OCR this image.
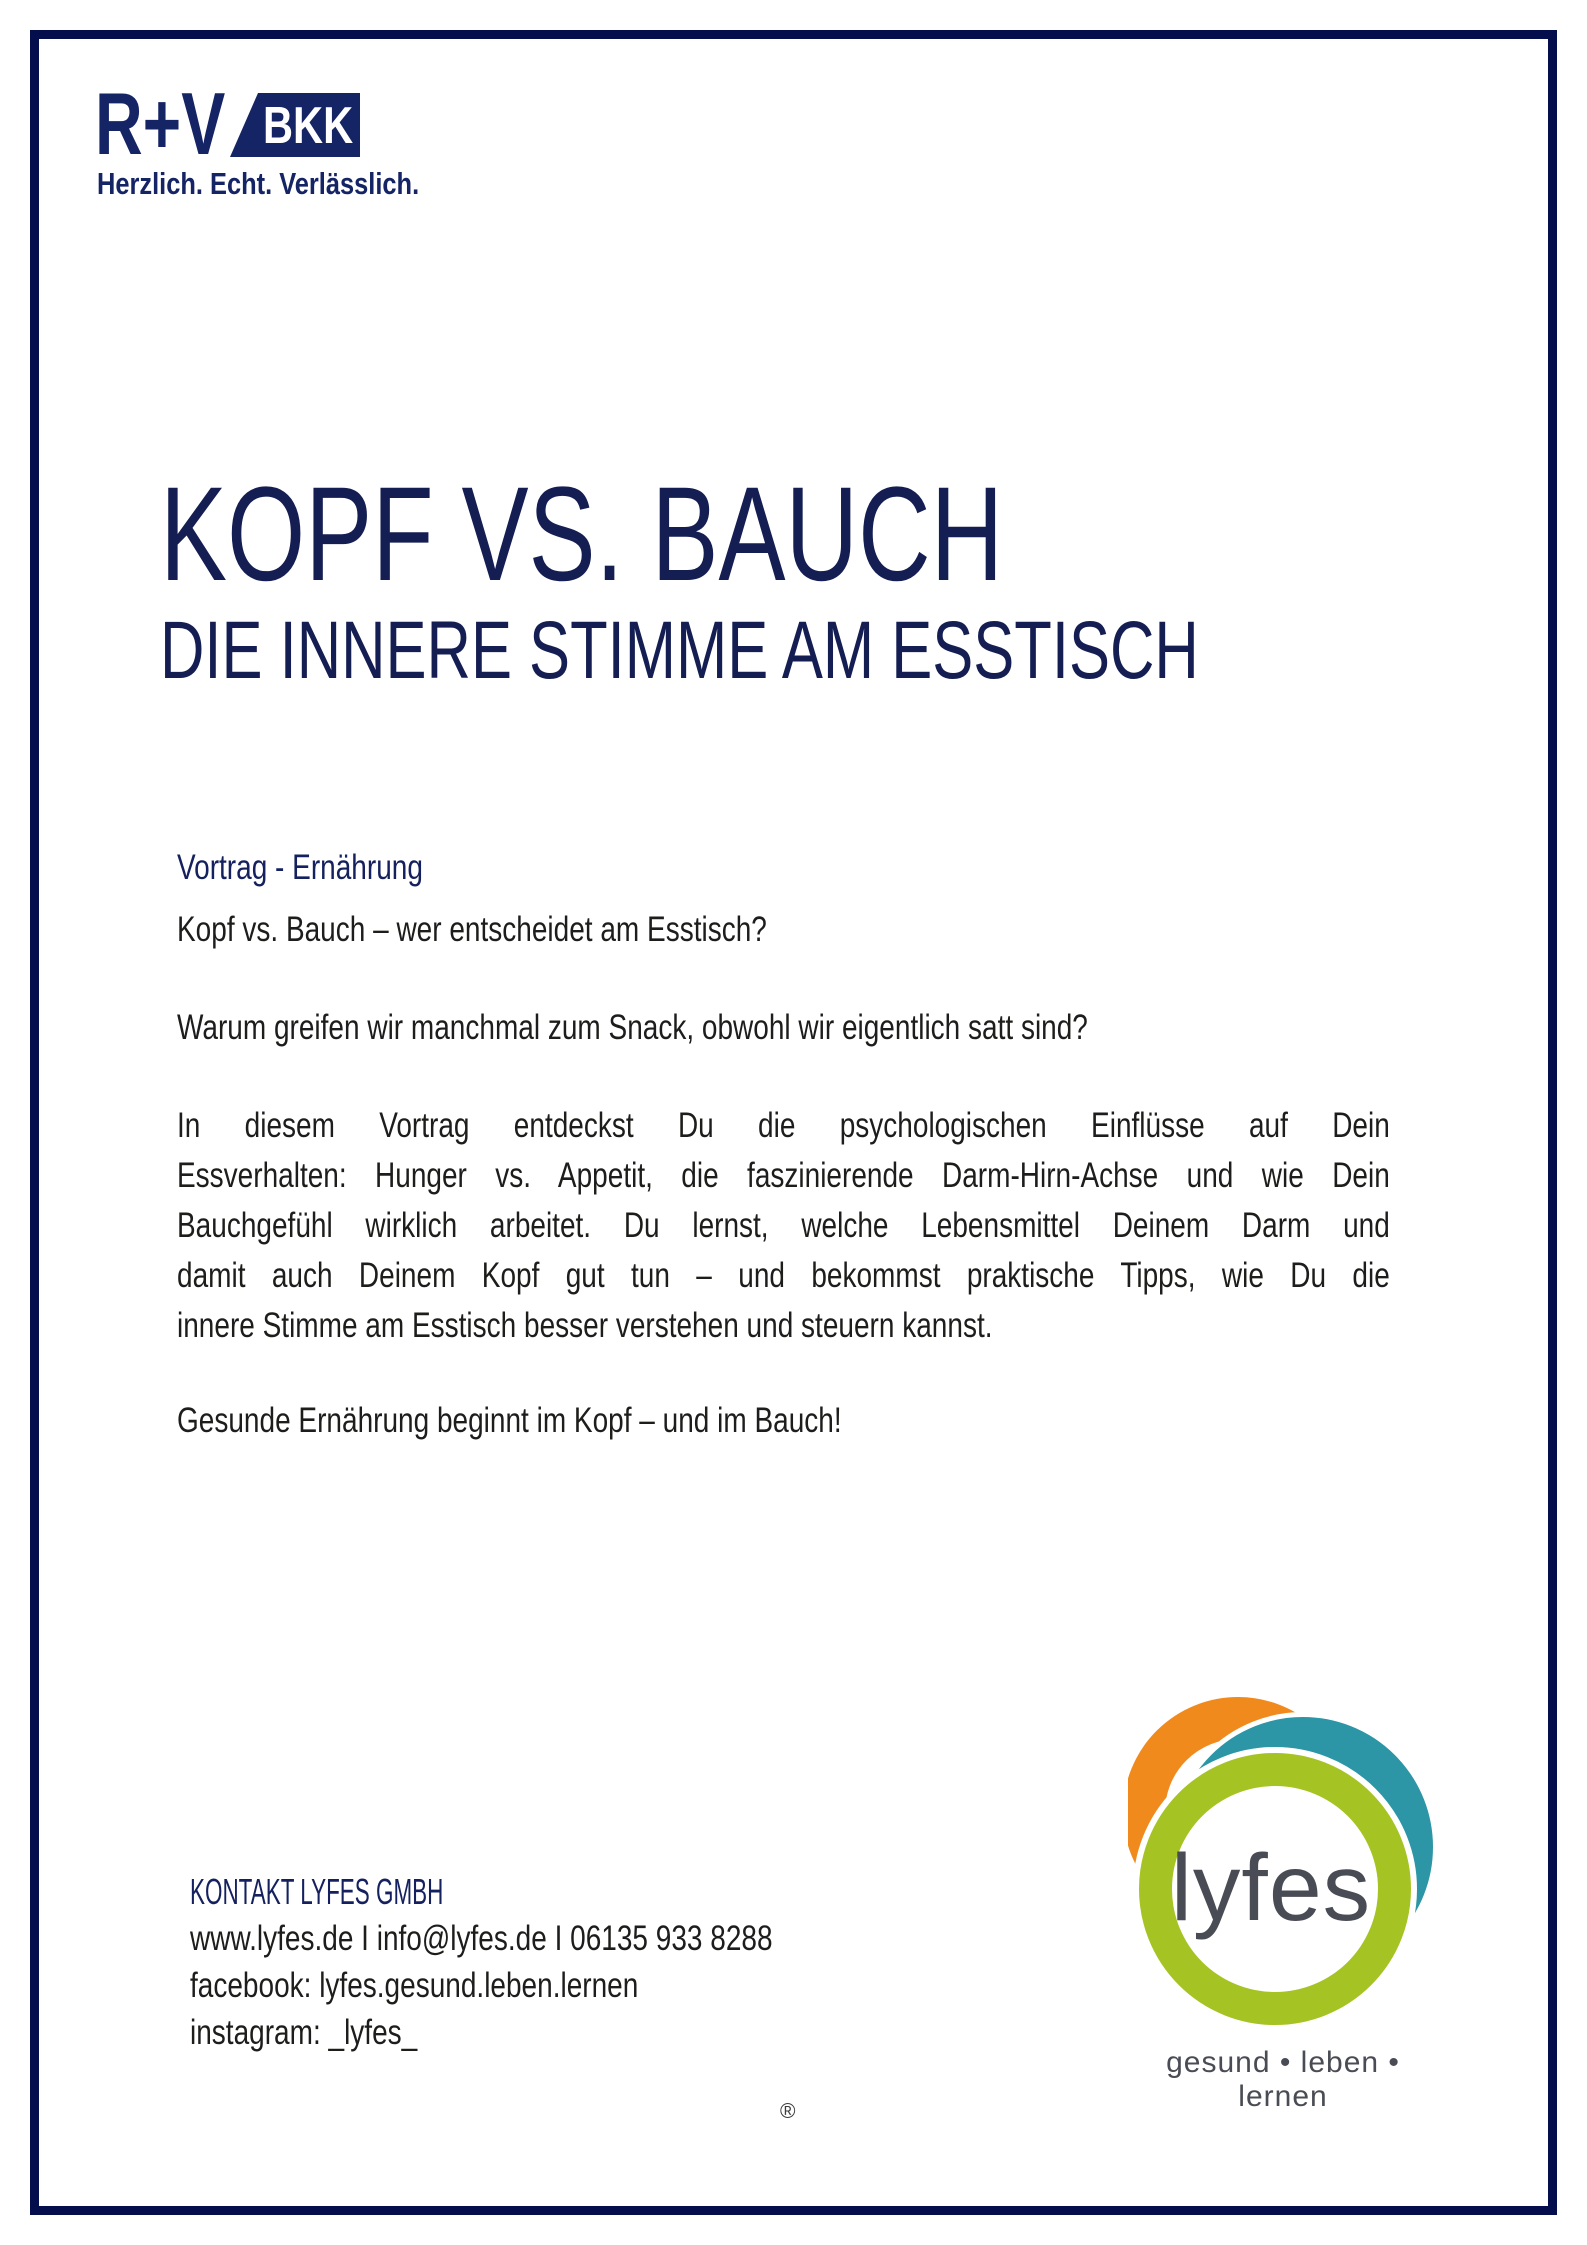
R+V BKK
Herzlich. Echt. Verlässlich.
KOPF VS. BAUCH
DIE INNERE STIMME AM ESSTISCH
Vortrag - Ernährung
Kopf vs. Bauch – wer entscheidet am Esstisch?
Warum greifen wir manchmal zum Snack, obwohl wir eigentlich satt sind?
In diesem Vortrag entdeckst Du die psychologischen Einflüsse auf Dein
Essverhalten: Hunger vs. Appetit, die faszinierende Darm-Hirn-Achse und wie Dein
Bauchgefühl wirklich arbeitet. Du lernst, welche Lebensmittel Deinem Darm und
damit auch Deinem Kopf gut tun – und bekommst praktische Tipps, wie Du die
innere Stimme am Esstisch besser verstehen und steuern kannst.
Gesunde Ernährung beginnt im Kopf – und im Bauch!
KONTAKT LYFES GMBH
www.lyfes.de I info@lyfes.de I 06135 933 8288
facebook: lyfes.gesund.leben.lernen
instagram: _lyfes_
lyfes
gesund • leben • lernen
®
